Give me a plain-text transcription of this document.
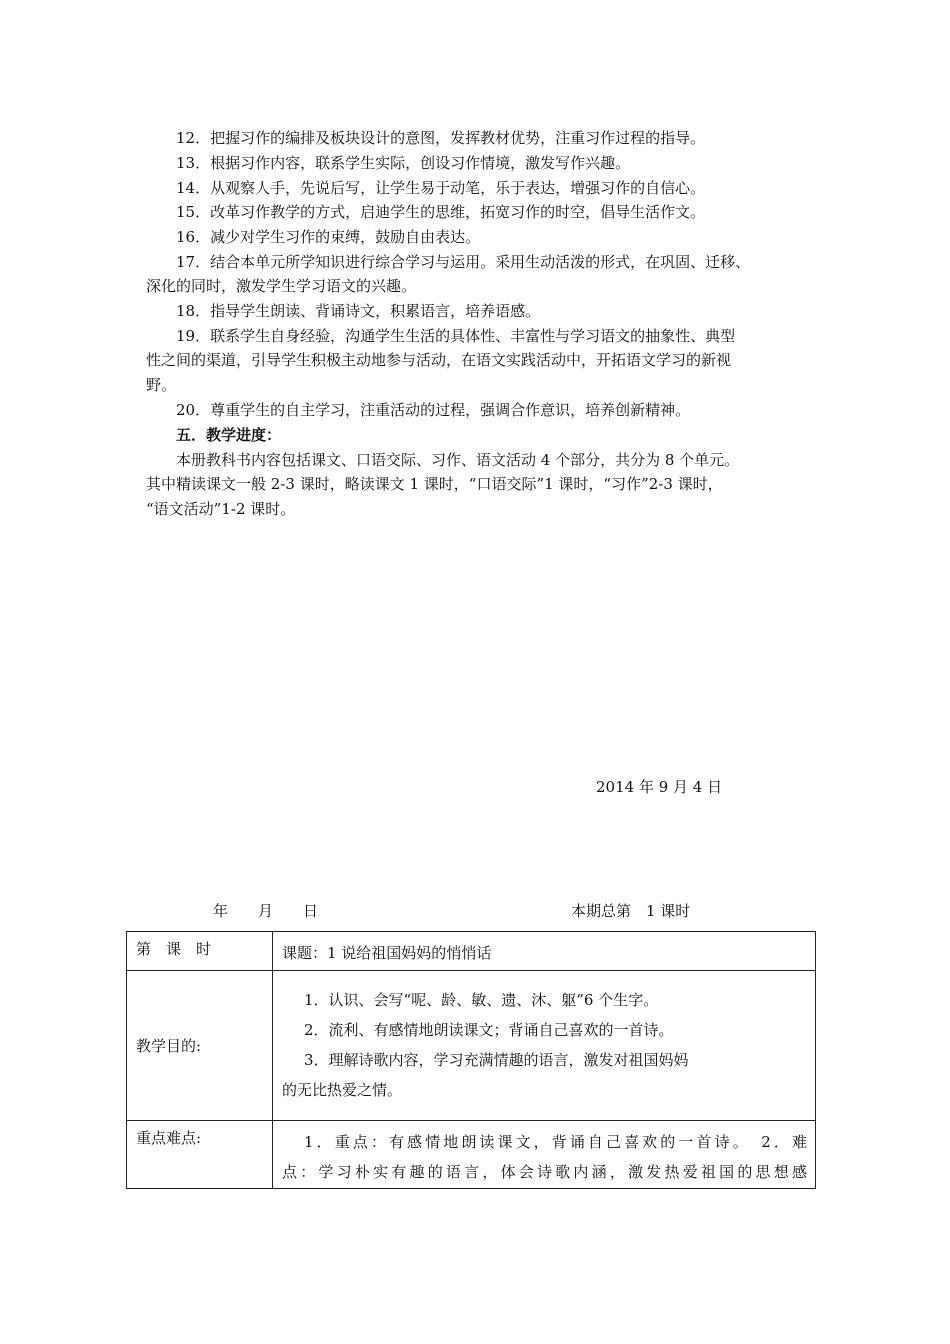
12．把握习作的编排及板块设计的意图，发挥教材优势，注重习作过程的指导。
13．根据习作内容，联系学生实际，创设习作情境，激发写作兴趣。
14．从观察人手，先说后写，让学生易于动笔，乐于表达，增强习作的自信心。
15．改革习作教学的方式，启迪学生的思维，拓宽习作的时空，倡导生活作文。
16．减少对学生习作的束缚，鼓励自由表达。
17．结合本单元所学知识进行综合学习与运用。采用生动活泼的形式，在巩固、迁移、
深化的同时，激发学生学习语文的兴趣。
18．指导学生朗读、背诵诗文，积累语言，培养语感。
19．联系学生自身经验，沟通学生生活的具体性、丰富性与学习语文的抽象性、典型
性之间的渠道，引导学生积极主动地参与活动，在语文实践活动中，开拓语文学习的新视
野。
20．尊重学生的自主学习，注重活动的过程，强调合作意识，培养创新精神。
五．教学进度：
本册教科书内容包括课文、口语交际、习作、语文活动 4 个部分，共分为 8 个单元。
其中精读课文一般 2-3 课时，略读课文 1 课时，“口语交际”1 课时，“习作”2-3 课时，
“语文活动”1-2 课时。
2014 年 9 月 4 日
年　　月　　日	本期总第　1 课时
第　课　时	课题：1 说给祖国妈妈的悄悄话
教学目的:	1．认识、会写“呢、龄、敏、遗、沐、躯”6 个生字。
2．流利、有感情地朗读课文；背诵自己喜欢的一首诗。
3．理解诗歌内容，学习充满情趣的语言，激发对祖国妈妈
的无比热爱之情。

重点难点:	1．重点：有感情地朗读课文，背诵自己喜欢的一首诗。　2．难
点：学习朴实有趣的语言，体会诗歌内涵，激发热爱祖国的思想感
